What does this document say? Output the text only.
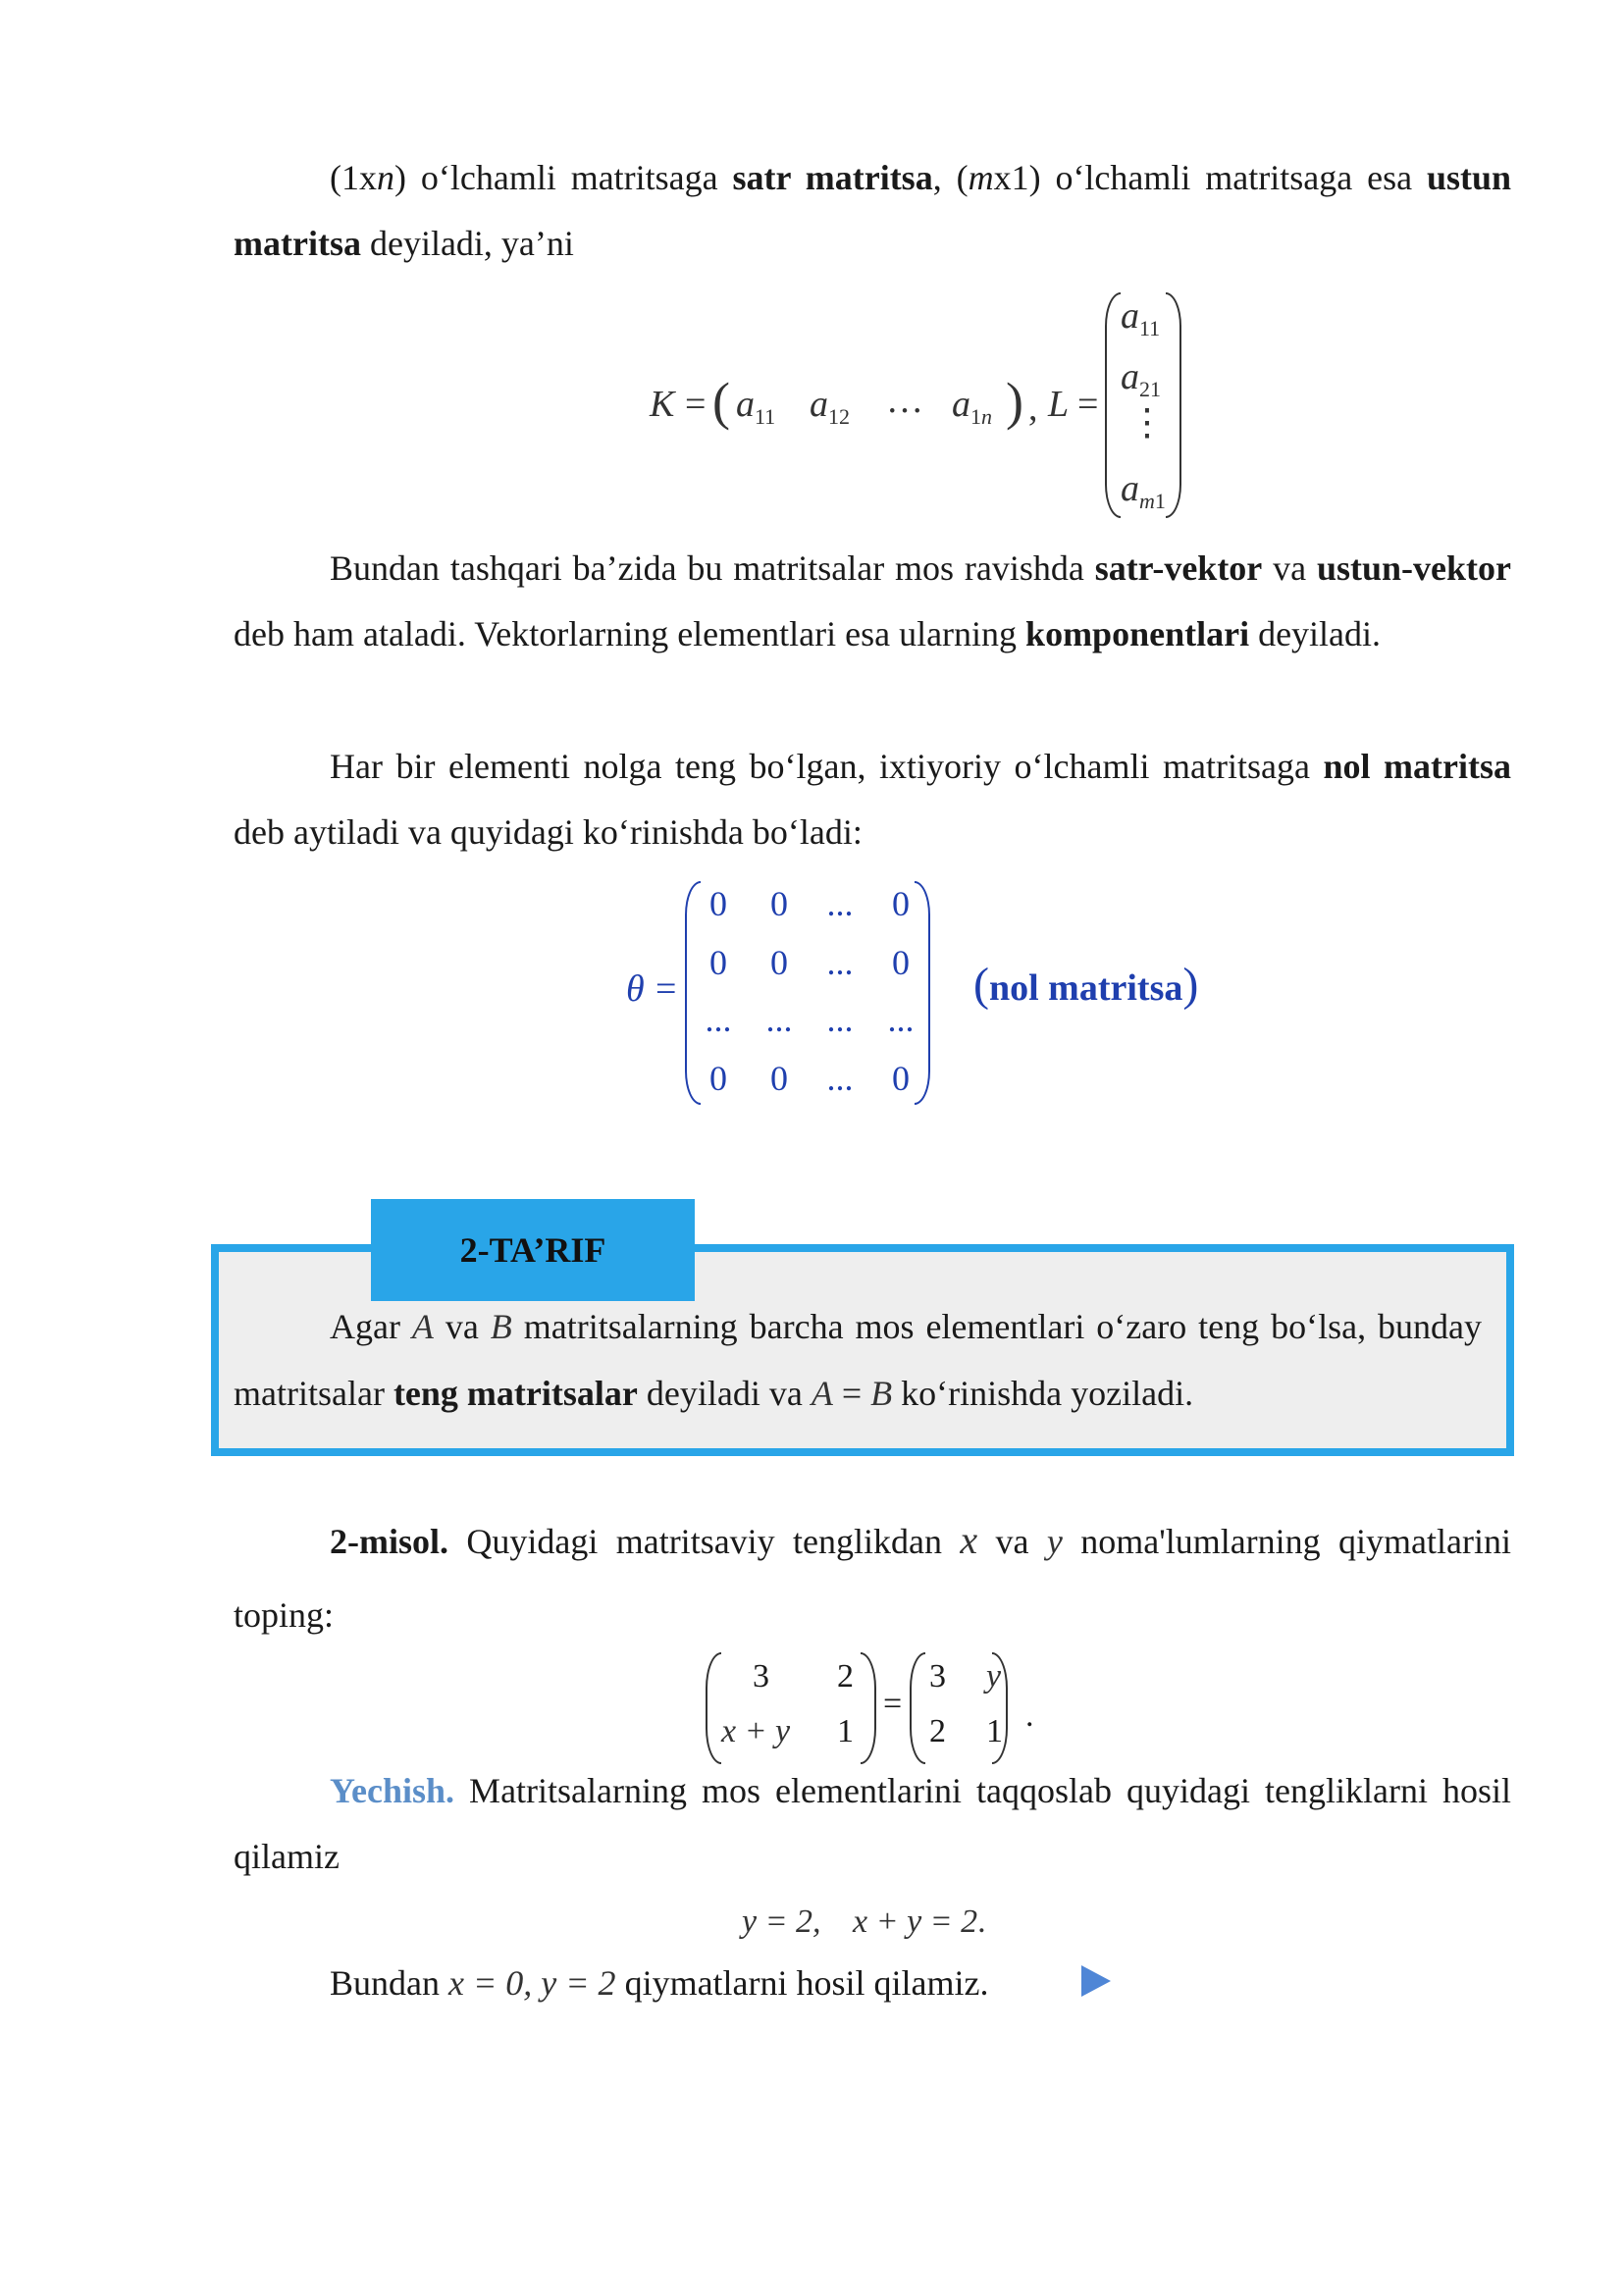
(1xn) o‘lchamli matritsaga satr matritsa, (mx1) o‘lchamli matritsaga esa ustun matritsa deyiladi, ya’ni

K = ( $a_{11}$ $a_{12}$ … $a_{1n}$ ) , L =
$a_{11}$
$a_{21}$
⋮
$a_{m1}$

Bundan tashqari ba’zida bu matritsalar mos ravishda satr-vektor va ustun-vektor deb ham ataladi. Vektorlarning elementlari esa ularning komponentlari deyiladi.

Har bir elementi nolga teng bo‘lgan, ixtiyoriy o‘lchamli matritsaga nol matritsa deb aytiladi va quyidagi ko‘rinishda bo‘ladi:

θ =
0	0	...	0
0	0	...	0
... ... ... ...
0	0	...	0
(nol matritsa)
2-TA’RIF

Agar A va B matritsalarning barcha mos elementlari o‘zaro teng bo‘lsa, bunday matritsalar teng matritsalar deyiladi va A = B ko‘rinishda yoziladi.

2-misol. Quyidagi matritsaviy tenglikdan x va y noma'lumlarning qiymatlarini toping:

3 2
x + y 1
=
3 y
2 1 .

Yechish. Matritsalarning mos elementlarini taqqoslab quyidagi tengliklarni hosil qilamiz

y = 2, x + y = 2.

Bundan x = 0, y = 2 qiymatlarni hosil qilamiz.
